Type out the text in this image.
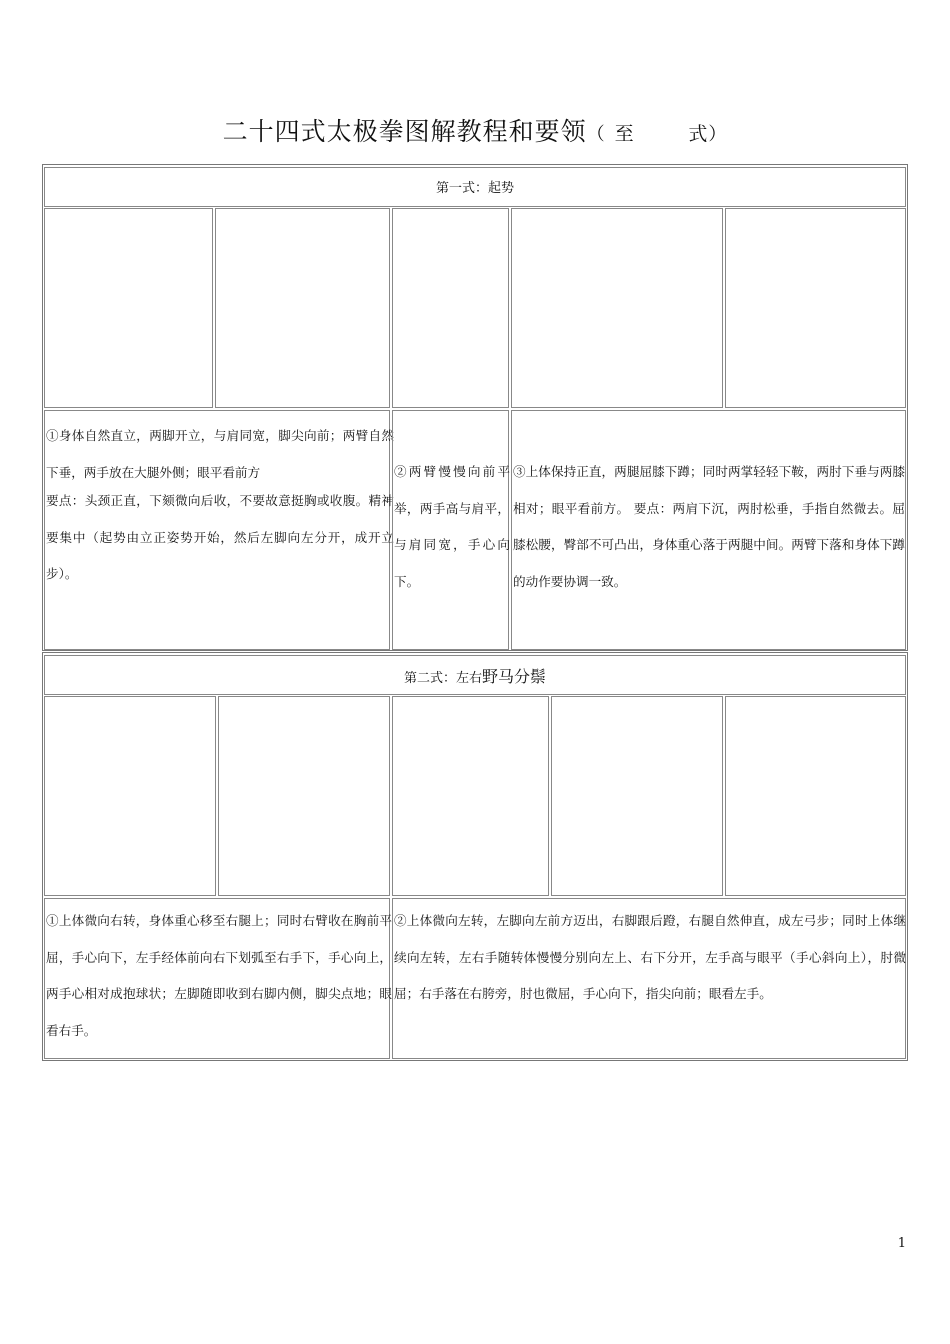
二十四式太极拳图解教程和要领（ 至	式）
第一式：起势
①身体自然直立，两脚开立，与肩同宽，脚尖向前；两臂自然下垂，两手放在大腿外侧；眼平看前方
要点：头颈正直，下颏微向后收，不要故意挺胸或收腹。精神要集中（起势由立正姿势开始，然后左脚向左分开，成开立步）。
②两臂慢慢向前平举，两手高与肩平，与肩同宽，手心向下。
③上体保持正直，两腿屈膝下蹲；同时两掌轻轻下鞍，两肘下垂与两膝相对；眼平看前方。 要点：两肩下沉，两肘松垂，手指自然微去。屈膝松腰，臀部不可凸出，身体重心落于两腿中间。两臂下落和身体下蹲的动作要协调一致。
第二式：左右野马分鬃
①上体微向右转，身体重心移至右腿上；同时右臂收在胸前平屈，手心向下，左手经体前向右下划弧至右手下，手心向上，两手心相对成抱球状；左脚随即收到右脚内侧，脚尖点地；眼看右手。
②上体微向左转，左脚向左前方迈出，右脚跟后蹬，右腿自然伸直，成左弓步；同时上体继续向左转，左右手随转体慢慢分别向左上、右下分开，左手高与眼平（手心斜向上），肘微屈；右手落在右胯旁，肘也微屈，手心向下，指尖向前；眼看左手。
1
